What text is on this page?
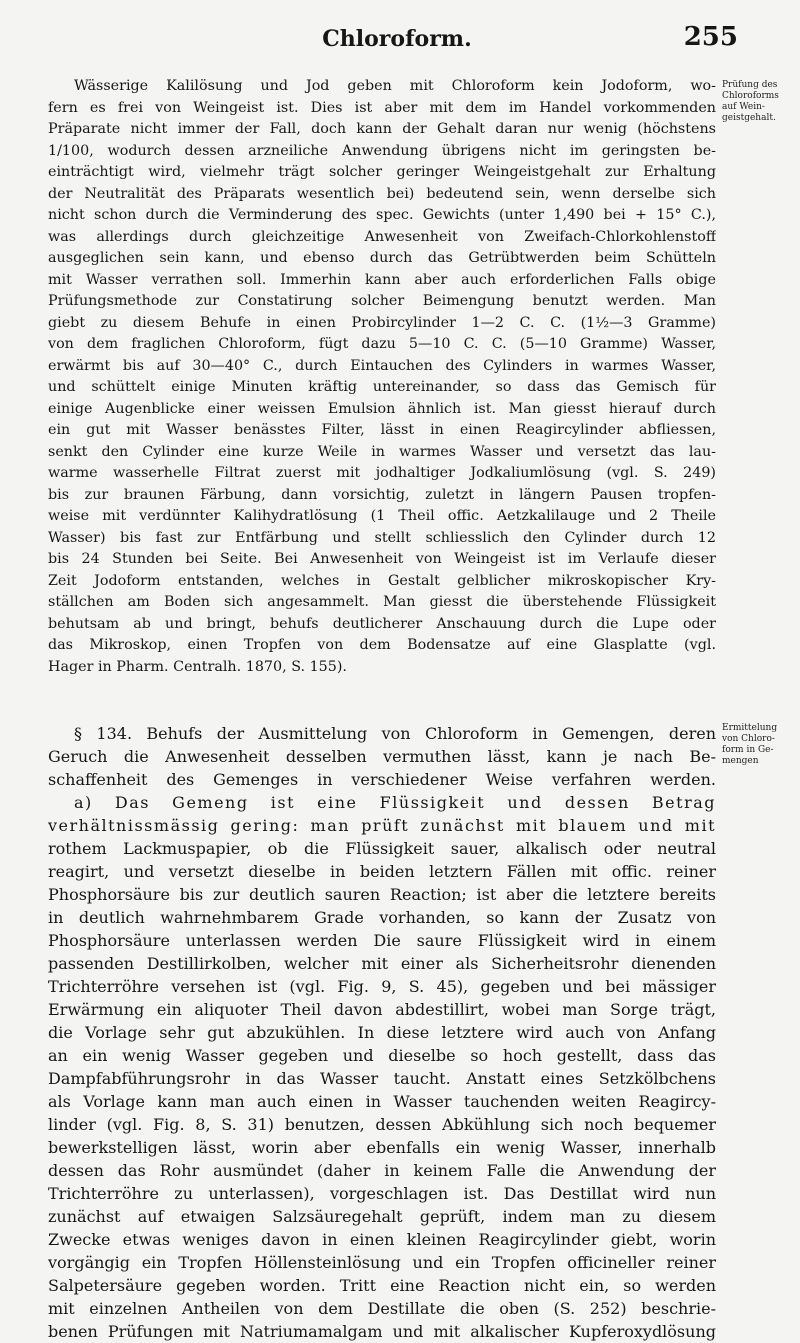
Chloroform.	255

Wässerige Kalilösung und Jod geben mit Chloroform kein Jodoform, wo-

fern es frei von Weingeist ist. Dies ist aber mit dem im Handel vorkommenden

Präparate nicht immer der Fall, doch kann der Gehalt daran nur wenig (höchstens

1/100, wodurch dessen arzneiliche Anwendung übrigens nicht im geringsten be-

einträchtigt wird, vielmehr trägt solcher geringer Weingeistgehalt zur Erhaltung

der Neutralität des Präparats wesentlich bei) bedeutend sein, wenn derselbe sich

nicht schon durch die Verminderung des spec. Gewichts (unter 1,490 bei + 15° C.),

was allerdings durch gleichzeitige Anwesenheit von Zweifach-Chlorkohlenstoff

ausgeglichen sein kann, und ebenso durch das Getrübtwerden beim Schütteln

mit Wasser verrathen soll. Immerhin kann aber auch erforderlichen Falls obige

Prüfungsmethode zur Constatirung solcher Beimengung benutzt werden. Man

giebt zu diesem Behufe in einen Probircylinder 1—2 C. C. (1½—3 Gramme)

von dem fraglichen Chloroform, fügt dazu 5—10 C. C. (5—10 Gramme) Wasser,

erwärmt bis auf 30—40° C., durch Eintauchen des Cylinders in warmes Wasser,

und schüttelt einige Minuten kräftig untereinander, so dass das Gemisch für

einige Augenblicke einer weissen Emulsion ähnlich ist. Man giesst hierauf durch

ein gut mit Wasser benässtes Filter, lässt in einen Reagircylinder abfliessen,

senkt den Cylinder eine kurze Weile in warmes Wasser und versetzt das lau-

warme wasserhelle Filtrat zuerst mit jodhaltiger Jodkaliumlösung (vgl. S. 249)

bis zur braunen Färbung, dann vorsichtig, zuletzt in längern Pausen tropfen-

weise mit verdünnter Kalihydratlösung (1 Theil offic. Aetzkalilauge und 2 Theile

Wasser) bis fast zur Entfärbung und stellt schliesslich den Cylinder durch 12

bis 24 Stunden bei Seite. Bei Anwesenheit von Weingeist ist im Verlaufe dieser

Zeit Jodoform entstanden, welches in Gestalt gelblicher mikroskopischer Kry-

ställchen am Boden sich angesammelt. Man giesst die überstehende Flüssigkeit

behutsam ab und bringt, behufs deutlicherer Anschauung durch die Lupe oder

das Mikroskop, einen Tropfen von dem Bodensatze auf eine Glasplatte (vgl.

Hager in Pharm. Centralh. 1870, S. 155).

Prüfung des
Chloroforms
auf Wein-
geistgehalt.

§ 134. Behufs der Ausmittelung von Chloroform in Gemengen, deren

Geruch die Anwesenheit desselben vermuthen lässt, kann je nach Be-

schaffenheit des Gemenges in verschiedener Weise verfahren werden.

a) Das Gemeng ist eine Flüssigkeit und dessen Betrag

verhältnissmässig gering: man prüft zunächst mit blauem und mit

rothem Lackmuspapier, ob die Flüssigkeit sauer, alkalisch oder neutral

reagirt, und versetzt dieselbe in beiden letztern Fällen mit offic. reiner

Phosphorsäure bis zur deutlich sauren Reaction; ist aber die letztere bereits

in deutlich wahrnehmbarem Grade vorhanden, so kann der Zusatz von

Phosphorsäure unterlassen werden Die saure Flüssigkeit wird in einem

passenden Destillirkolben, welcher mit einer als Sicherheitsrohr dienenden

Trichterröhre versehen ist (vgl. Fig. 9, S. 45), gegeben und bei mässiger

Erwärmung ein aliquoter Theil davon abdestillirt, wobei man Sorge trägt,

die Vorlage sehr gut abzukühlen. In diese letztere wird auch von Anfang

an ein wenig Wasser gegeben und dieselbe so hoch gestellt, dass das

Dampfabführungsrohr in das Wasser taucht. Anstatt eines Setzkölbchens

als Vorlage kann man auch einen in Wasser tauchenden weiten Reagircy-

linder (vgl. Fig. 8, S. 31) benutzen, dessen Abkühlung sich noch bequemer

bewerkstelligen lässt, worin aber ebenfalls ein wenig Wasser, innerhalb

dessen das Rohr ausmündet (daher in keinem Falle die Anwendung der

Trichterröhre zu unterlassen), vorgeschlagen ist. Das Destillat wird nun

zunächst auf etwaigen Salzsäuregehalt geprüft, indem man zu diesem

Zwecke etwas weniges davon in einen kleinen Reagircylinder giebt, worin

vorgängig ein Tropfen Höllensteinlösung und ein Tropfen officineller reiner

Salpetersäure gegeben worden. Tritt eine Reaction nicht ein, so werden

mit einzelnen Antheilen von dem Destillate die oben (S. 252) beschrie-

benen Prüfungen mit Natriumamalgam und mit alkalischer Kupferoxydlösung

Ermittelung
von Chloro-
form in Ge-
mengen
